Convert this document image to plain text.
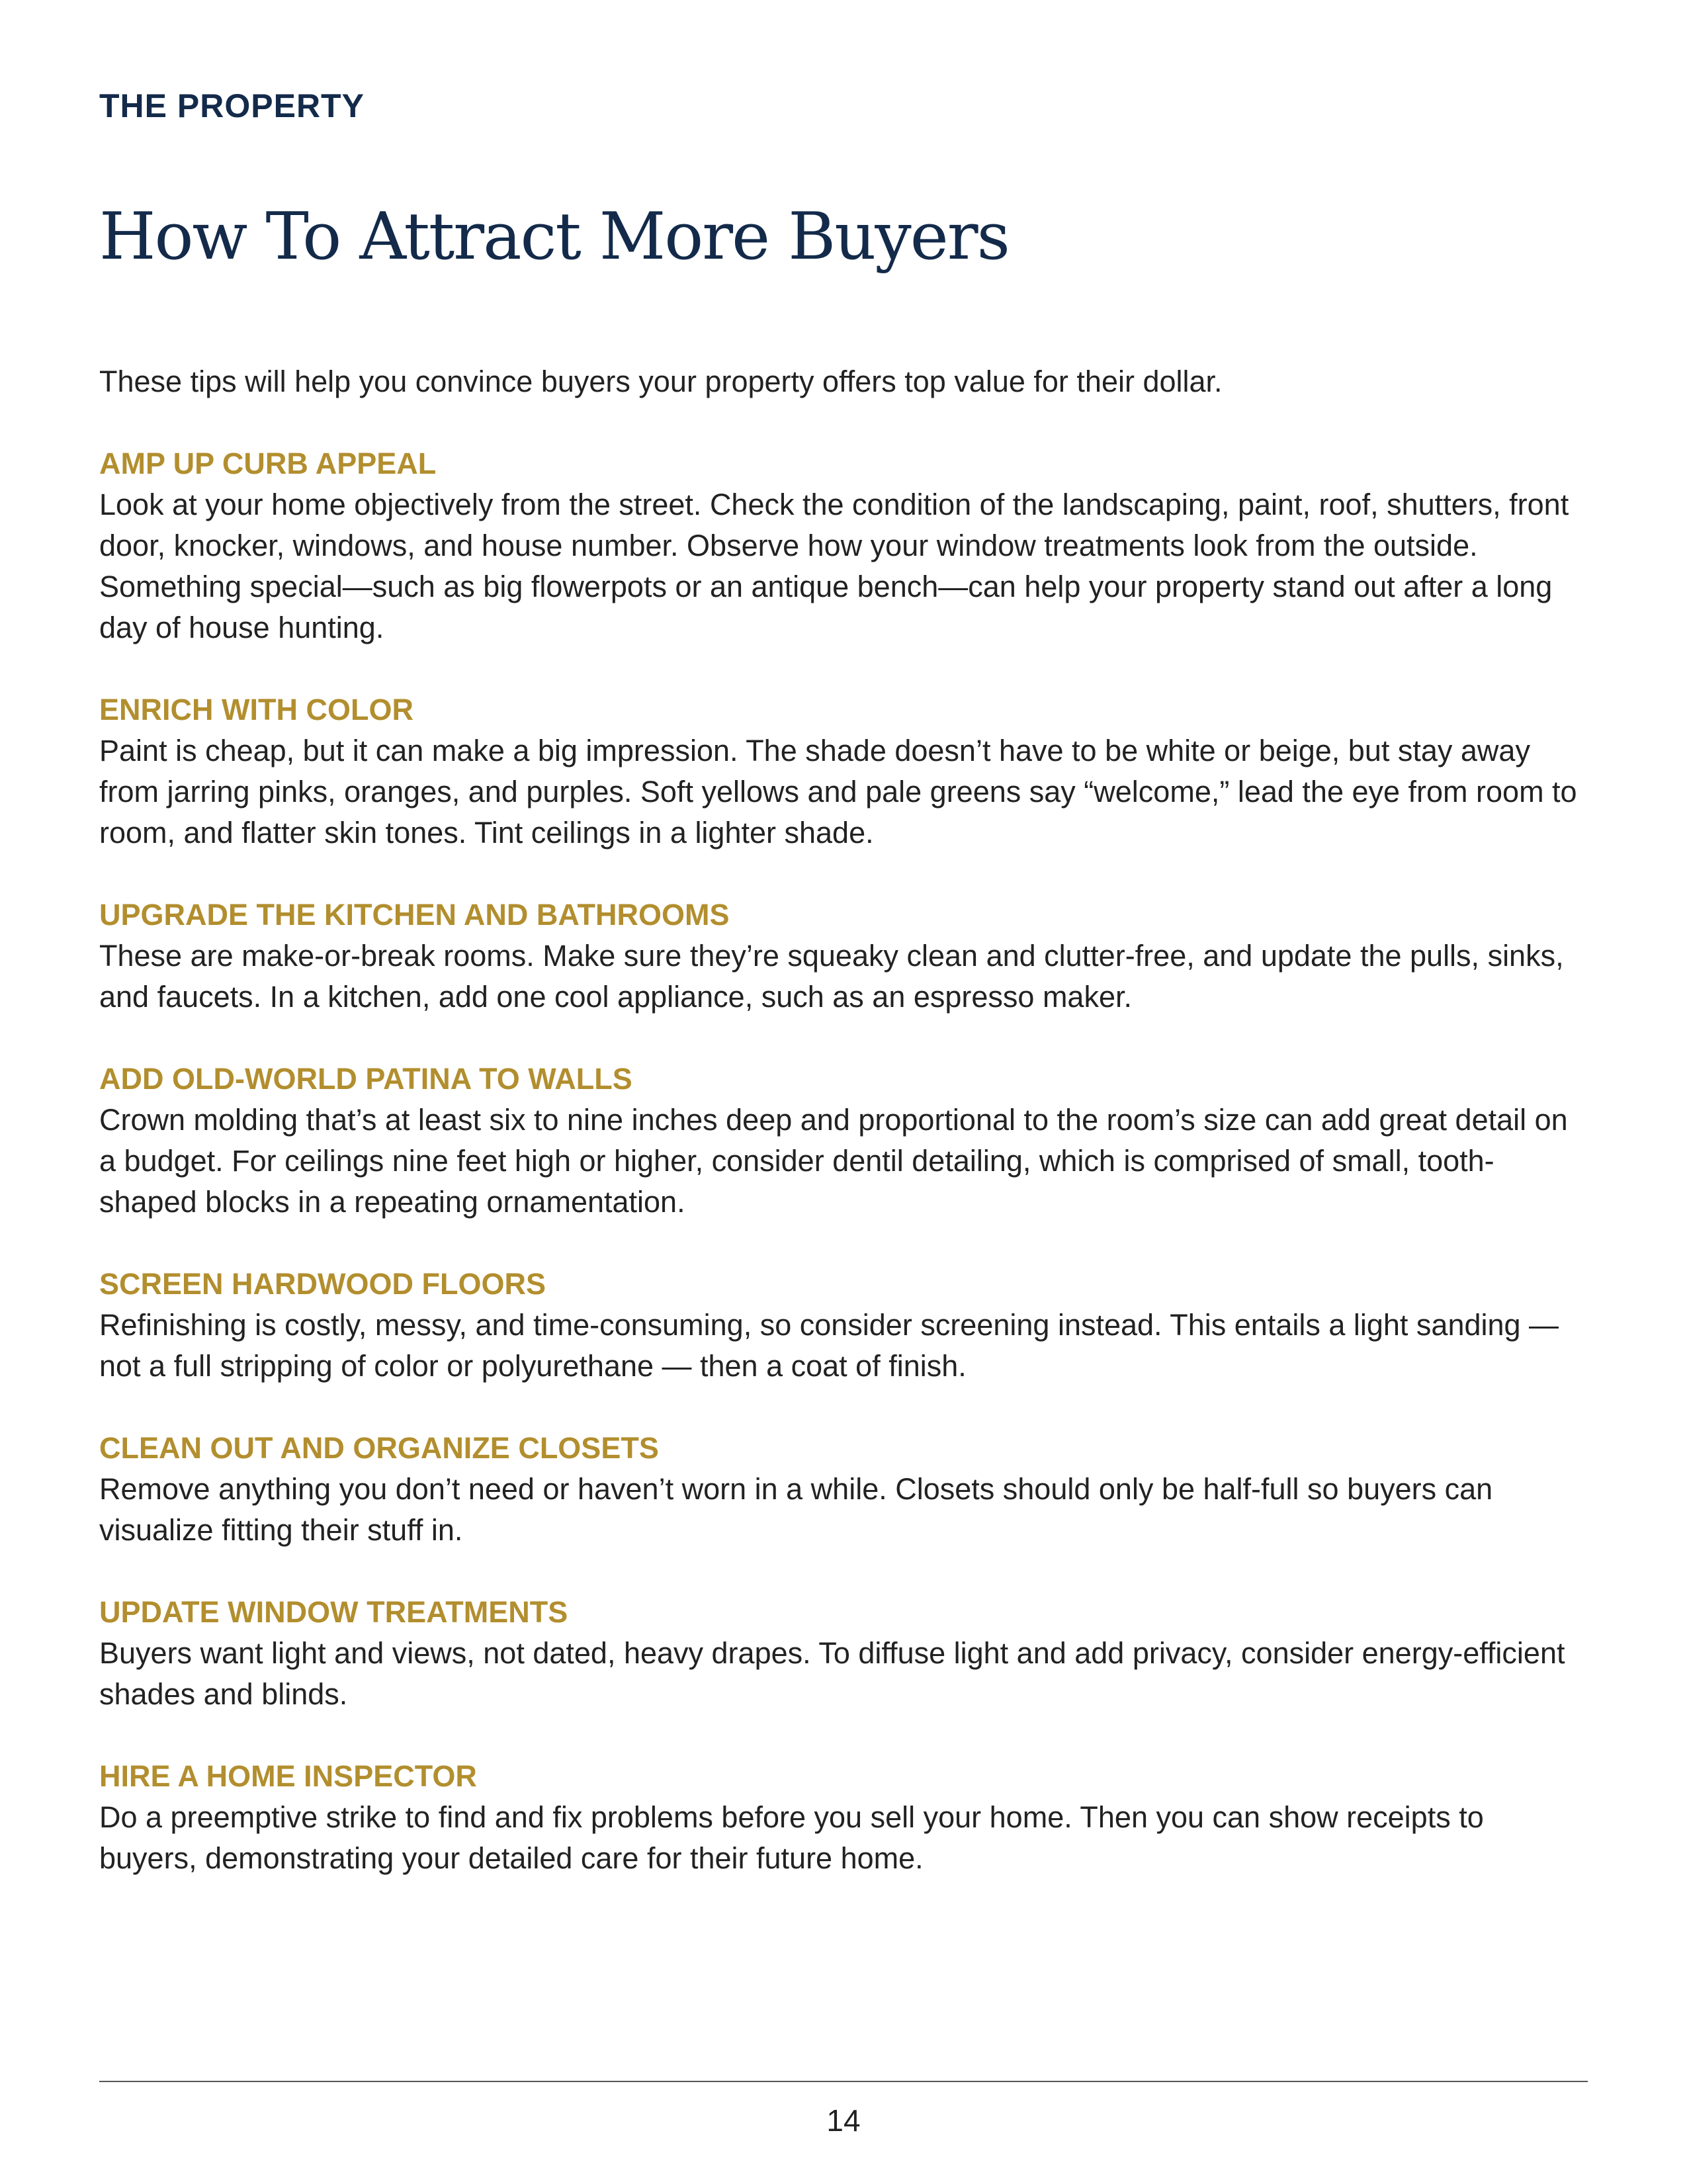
THE PROPERTY
How To Attract More Buyers

These tips will help you convince buyers your property offers top value for their dollar.

AMP UP CURB APPEAL

Look at your home objectively from the street. Check the condition of the landscaping, paint, roof, shutters, front door, knocker, windows, and house number. Observe how your window treatments look from the outside. Something special—such as big flowerpots or an antique bench—can help your property stand out after a long day of house hunting.

ENRICH WITH COLOR

Paint is cheap, but it can make a big impression. The shade doesn’t have to be white or beige, but stay away from jarring pinks, oranges, and purples. Soft yellows and pale greens say “welcome,” lead the eye from room to room, and flatter skin tones. Tint ceilings in a lighter shade.

UPGRADE THE KITCHEN AND BATHROOMS

These are make-or-break rooms. Make sure they’re squeaky clean and clutter-free, and update the pulls, sinks, and faucets. In a kitchen, add one cool appliance, such as an espresso maker.

ADD OLD-WORLD PATINA TO WALLS

Crown molding that’s at least six to nine inches deep and proportional to the room’s size can add great detail on a budget. For ceilings nine feet high or higher, consider dentil detailing, which is comprised of small, tooth-shaped blocks in a repeating ornamentation.

SCREEN HARDWOOD FLOORS

Refinishing is costly, messy, and time-consuming, so consider screening instead. This entails a light sanding — not a full stripping of color or polyurethane — then a coat of finish.

CLEAN OUT AND ORGANIZE CLOSETS

Remove anything you don’t need or haven’t worn in a while. Closets should only be half-full so buyers can visualize fitting their stuff in.

UPDATE WINDOW TREATMENTS

Buyers want light and views, not dated, heavy drapes. To diffuse light and add privacy, consider energy-efficient shades and blinds.

HIRE A HOME INSPECTOR

Do a preemptive strike to find and fix problems before you sell your home. Then you can show receipts to buyers, demonstrating your detailed care for their future home.

14
